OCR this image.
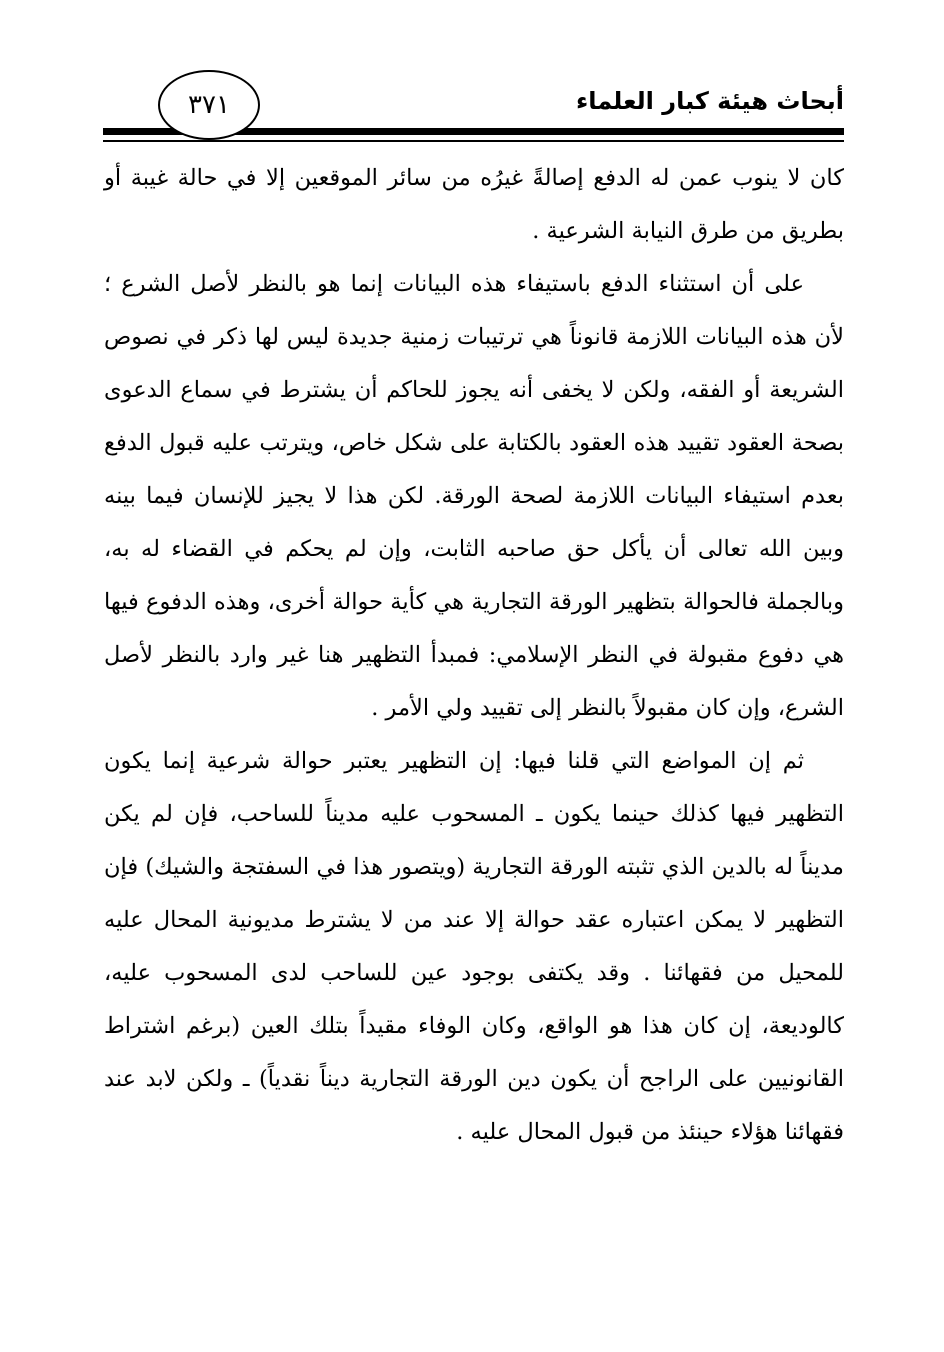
أبحاث هيئة كبار العلماء
٣٧١

كان لا ينوب عمن له الدفع إصالةً غيرُه من سائر الموقعين إلا في حالة غيبة أو بطريق من طرق النيابة الشرعية .

على أن استثناء الدفع باستيفاء هذه البيانات إنما هو بالنظر لأصل الشرع ؛ لأن هذه البيانات اللازمة قانوناً هي ترتيبات زمنية جديدة ليس لها ذكر في نصوص الشريعة أو الفقه، ولكن لا يخفى أنه يجوز للحاكم أن يشترط في سماع الدعوى بصحة العقود تقييد هذه العقود بالكتابة على شكل خاص، ويترتب عليه قبول الدفع بعدم استيفاء البيانات اللازمة لصحة الورقة. لكن هذا لا يجيز للإنسان فيما بينه وبين الله تعالى أن يأكل حق صاحبه الثابت، وإن لم يحكم في القضاء له به، وبالجملة فالحوالة بتظهير الورقة التجارية هي كأية حوالة أخرى، وهذه الدفوع فيها هي دفوع مقبولة في النظر الإسلامي: فمبدأ التظهير هنا غير وارد بالنظر لأصل الشرع، وإن كان مقبولاً بالنظر إلى تقييد ولي الأمر .

ثم إن المواضع التي قلنا فيها: إن التظهير يعتبر حوالة شرعية إنما يكون التظهير فيها كذلك حينما يكون ـ المسحوب عليه مديناً للساحب، فإن لم يكن مديناً له بالدين الذي تثبته الورقة التجارية (ويتصور هذا في السفتجة والشيك) فإن التظهير لا يمكن اعتباره عقد حوالة إلا عند من لا يشترط مديونية المحال عليه للمحيل من فقهائنا . وقد يكتفى بوجود عين للساحب لدى المسحوب عليه، كالوديعة، إن كان هذا هو الواقع، وكان الوفاء مقيداً بتلك العين (برغم اشتراط القانونيين على الراجح أن يكون دين الورقة التجارية ديناً نقدياً) ـ ولكن لابد عند فقهائنا هؤلاء حينئذ من قبول المحال عليه .
